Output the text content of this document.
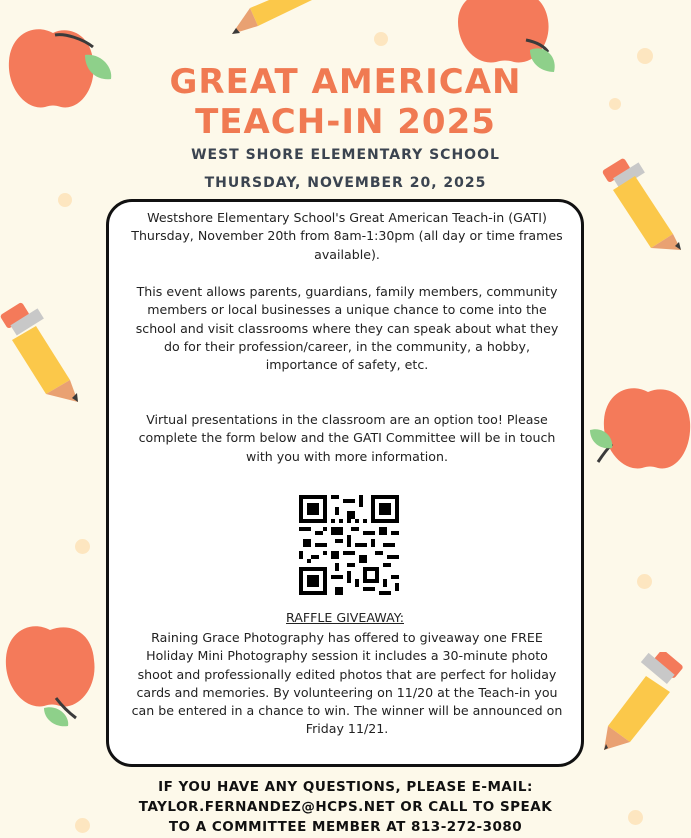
GREAT AMERICAN
TEACH-IN 2025
WEST SHORE ELEMENTARY SCHOOL
THURSDAY, NOVEMBER 20, 2025
Westshore Elementary School's Great American Teach-in (GATI) Thursday, November 20th from 8am-1:30pm (all day or time frames available).
This event allows parents, guardians, family members, community members or local businesses a unique chance to come into the school and visit classrooms where they can speak about what they do for their profession/career, in the community, a hobby, importance of safety, etc.
Virtual presentations in the classroom are an option too! Please complete the form below and the GATI Committee will be in touch with you with more information.
RAFFLE GIVEAWAY:
Raining Grace Photography has offered to giveaway one FREE Holiday Mini Photography session it includes a 30-minute photo shoot and professionally edited photos that are perfect for holiday cards and memories. By volunteering on 11/20 at the Teach-in you can be entered in a chance to win. The winner will be announced on Friday 11/21.
IF YOU HAVE ANY QUESTIONS, PLEASE E-MAIL:
TAYLOR.FERNANDEZ@HCPS.NET OR CALL TO SPEAK
TO A COMMITTEE MEMBER AT 813-272-3080
